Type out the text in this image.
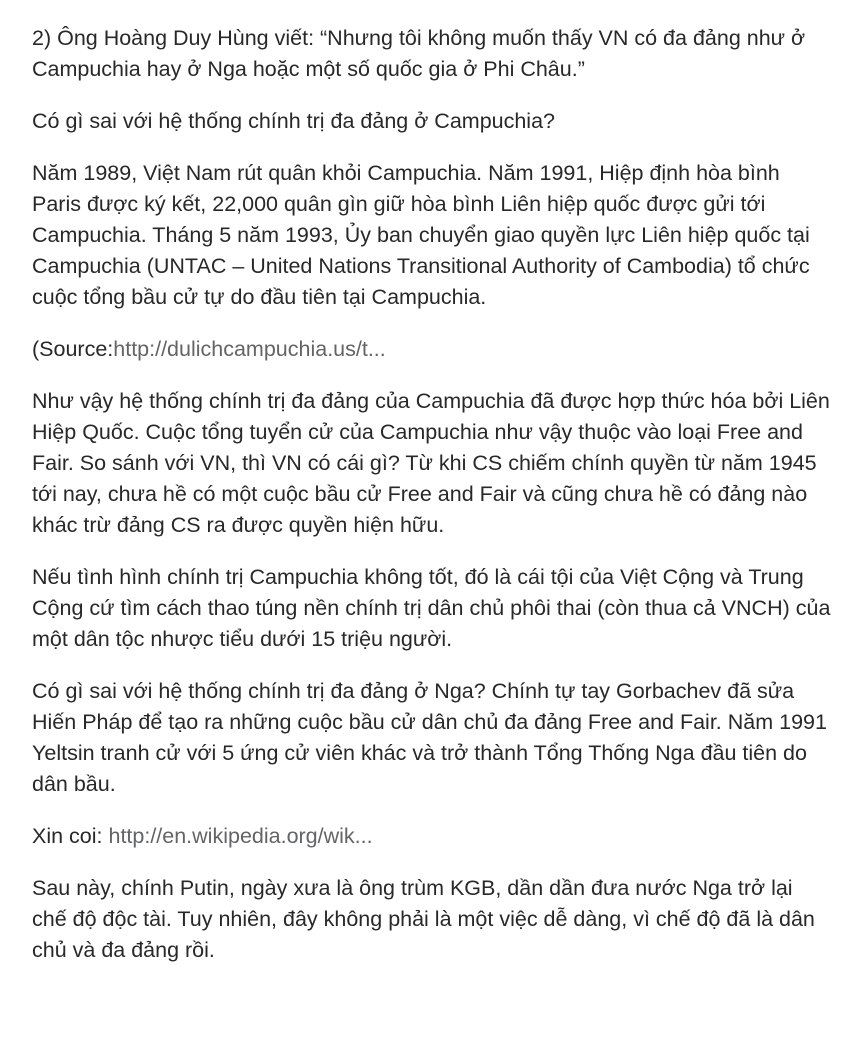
2) Ông Hoàng Duy Hùng viết: “Nhưng tôi không muốn thấy VN có đa đảng như ở Campuchia hay ở Nga hoặc một số quốc gia ở Phi Châu.”

Có gì sai với hệ thống chính trị đa đảng ở Campuchia?

Năm 1989, Việt Nam rút quân khỏi Campuchia. Năm 1991, Hiệp định hòa bình Paris được ký kết, 22,000 quân gìn giữ hòa bình Liên hiệp quốc được gửi tới Campuchia. Tháng 5 năm 1993, Ủy ban chuyển giao quyền lực Liên hiệp quốc tại Campuchia (UNTAC – United Nations Transitional Authority of Cambodia) tổ chức cuộc tổng bầu cử tự do đầu tiên tại Campuchia.

(Source:http://dulichcampuchia.us/t...

Như vậy hệ thống chính trị đa đảng của Campuchia đã được hợp thức hóa bởi Liên Hiệp Quốc. Cuộc tổng tuyển cử của Campuchia như vậy thuộc vào loại Free and Fair. So sánh với VN, thì VN có cái gì? Từ khi CS chiếm chính quyền từ năm 1945 tới nay, chưa hề có một cuộc bầu cử Free and Fair và cũng chưa hề có đảng nào khác trừ đảng CS ra được quyền hiện hữu.

Nếu tình hình chính trị Campuchia không tốt, đó là cái tội của Việt Cộng và Trung Cộng cứ tìm cách thao túng nền chính trị dân chủ phôi thai (còn thua cả VNCH) của một dân tộc nhược tiểu dưới 15 triệu người.

Có gì sai với hệ thống chính trị đa đảng ở Nga? Chính tự tay Gorbachev đã sửa Hiến Pháp để tạo ra những cuộc bầu cử dân chủ đa đảng Free and Fair. Năm 1991 Yeltsin tranh cử với 5 ứng cử viên khác và trở thành Tổng Thống Nga đầu tiên do dân bầu.

Xin coi: http://en.wikipedia.org/wik...

Sau này, chính Putin, ngày xưa là ông trùm KGB, dần dần đưa nước Nga trở lại chế độ độc tài. Tuy nhiên, đây không phải là một việc dễ dàng, vì chế độ đã là dân chủ và đa đảng rồi.
